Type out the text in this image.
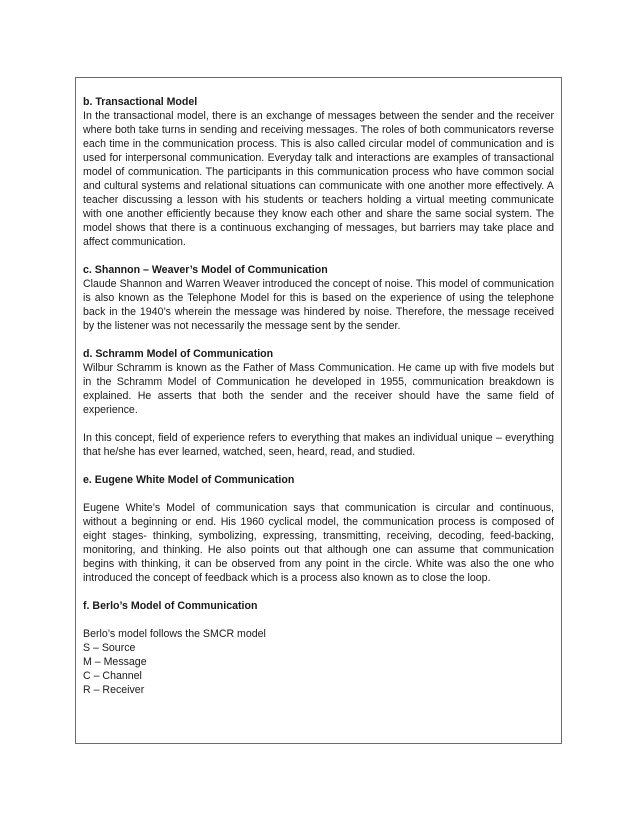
b. Transactional Model

In the transactional model, there is an exchange of messages between the sender and the receiver where both take turns in sending and receiving messages. The roles of both communicators reverse each time in the communication process. This is also called circular model of communication and is used for interpersonal communication. Everyday talk and interactions are examples of transactional model of communication. The participants in this communication process who have common social and cultural systems and relational situations can communicate with one another more effectively. A teacher discussing a lesson with his students or teachers holding a virtual meeting communicate with one another efficiently because they know each other and share the same social system. The model shows that there is a continuous exchanging of messages, but barriers may take place and affect communication.

c. Shannon – Weaver’s Model of Communication

Claude Shannon and Warren Weaver introduced the concept of noise. This model of communication is also known as the Telephone Model for this is based on the experience of using the telephone back in the 1940’s wherein the message was hindered by noise. Therefore, the message received by the listener was not necessarily the message sent by the sender.

d. Schramm Model of Communication

Wilbur Schramm is known as the Father of Mass Communication. He came up with five models but in the Schramm Model of Communication he developed in 1955, communication breakdown is explained. He asserts that both the sender and the receiver should have the same field of experience.

In this concept, field of experience refers to everything that makes an individual unique – everything that he/she has ever learned, watched, seen, heard, read, and studied.

e. Eugene White Model of Communication

Eugene White’s Model of communication says that communication is circular and continuous, without a beginning or end. His 1960 cyclical model, the communication process is composed of eight stages- thinking, symbolizing, expressing, transmitting, receiving, decoding, feed-backing, monitoring, and thinking. He also points out that although one can assume that communication begins with thinking, it can be observed from any point in the circle. White was also the one who introduced the concept of feedback which is a process also known as to close the loop.

f. Berlo’s Model of Communication

Berlo’s model follows the SMCR model

S – Source

M – Message

C – Channel

R – Receiver
